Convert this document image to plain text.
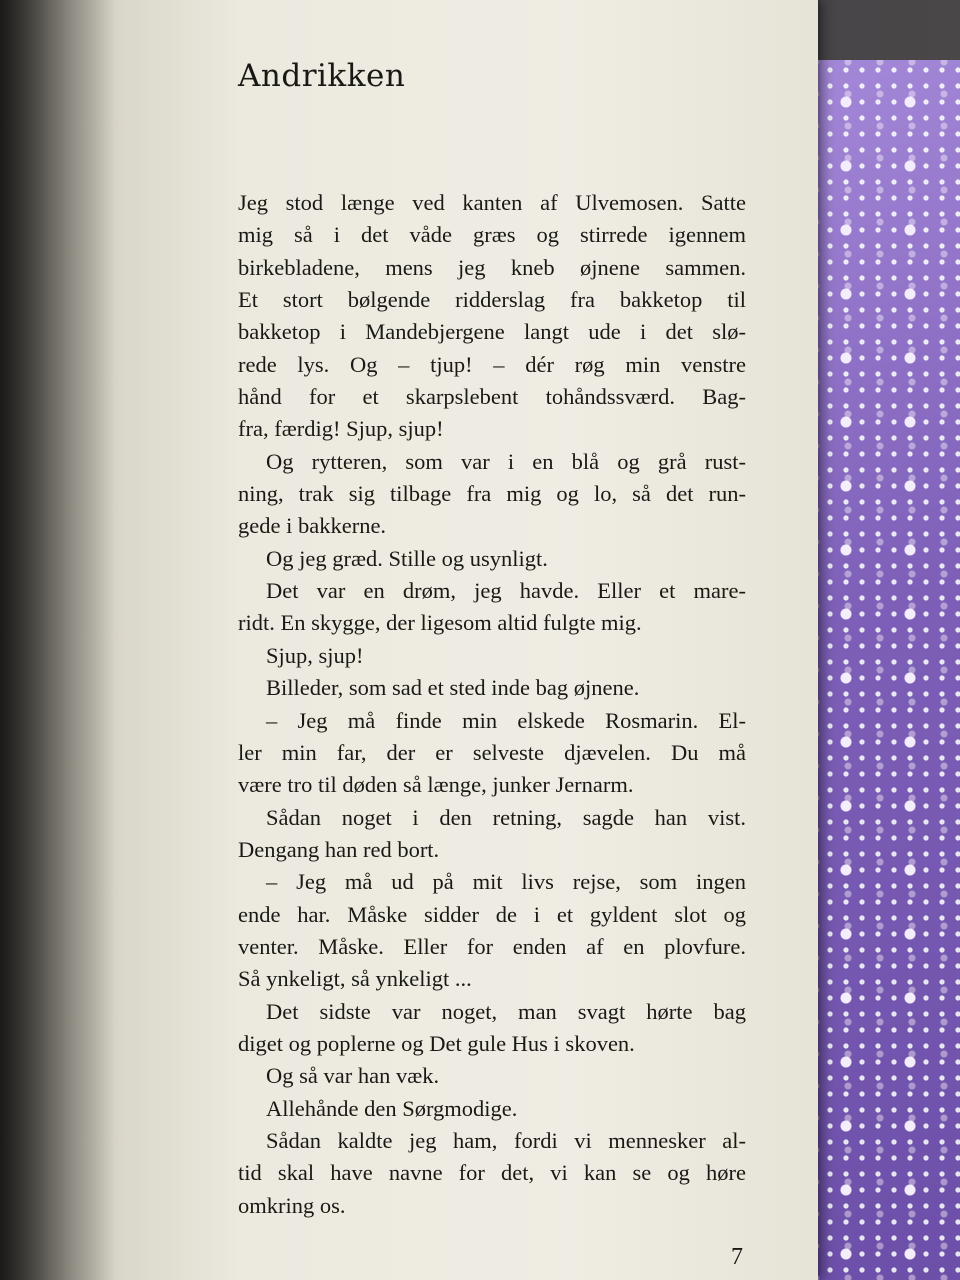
Andrikken
Jeg stod længe ved kanten af Ulvemosen. Satte
mig så i det våde græs og stirrede igennem
birkebladene, mens jeg kneb øjnene sammen.
Et stort bølgende ridderslag fra bakketop til
bakketop i Mandebjergene langt ude i det slø-
rede lys. Og – tjup! – dér røg min venstre
hånd for et skarpslebent tohåndssværd. Bag-
fra, færdig! Sjup, sjup!
Og rytteren, som var i en blå og grå rust-
ning, trak sig tilbage fra mig og lo, så det run-
gede i bakkerne.
Og jeg græd. Stille og usynligt.
Det var en drøm, jeg havde. Eller et mare-
ridt. En skygge, der ligesom altid fulgte mig.
Sjup, sjup!
Billeder, som sad et sted inde bag øjnene.
– Jeg må finde min elskede Rosmarin. El-
ler min far, der er selveste djævelen. Du må
være tro til døden så længe, junker Jernarm.
Sådan noget i den retning, sagde han vist.
Dengang han red bort.
– Jeg må ud på mit livs rejse, som ingen
ende har. Måske sidder de i et gyldent slot og
venter. Måske. Eller for enden af en plovfure.
Så ynkeligt, så ynkeligt ...
Det sidste var noget, man svagt hørte bag
diget og poplerne og Det gule Hus i skoven.
Og så var han væk.
Allehånde den Sørgmodige.
Sådan kaldte jeg ham, fordi vi mennesker al-
tid skal have navne for det, vi kan se og høre
omkring os.
7
